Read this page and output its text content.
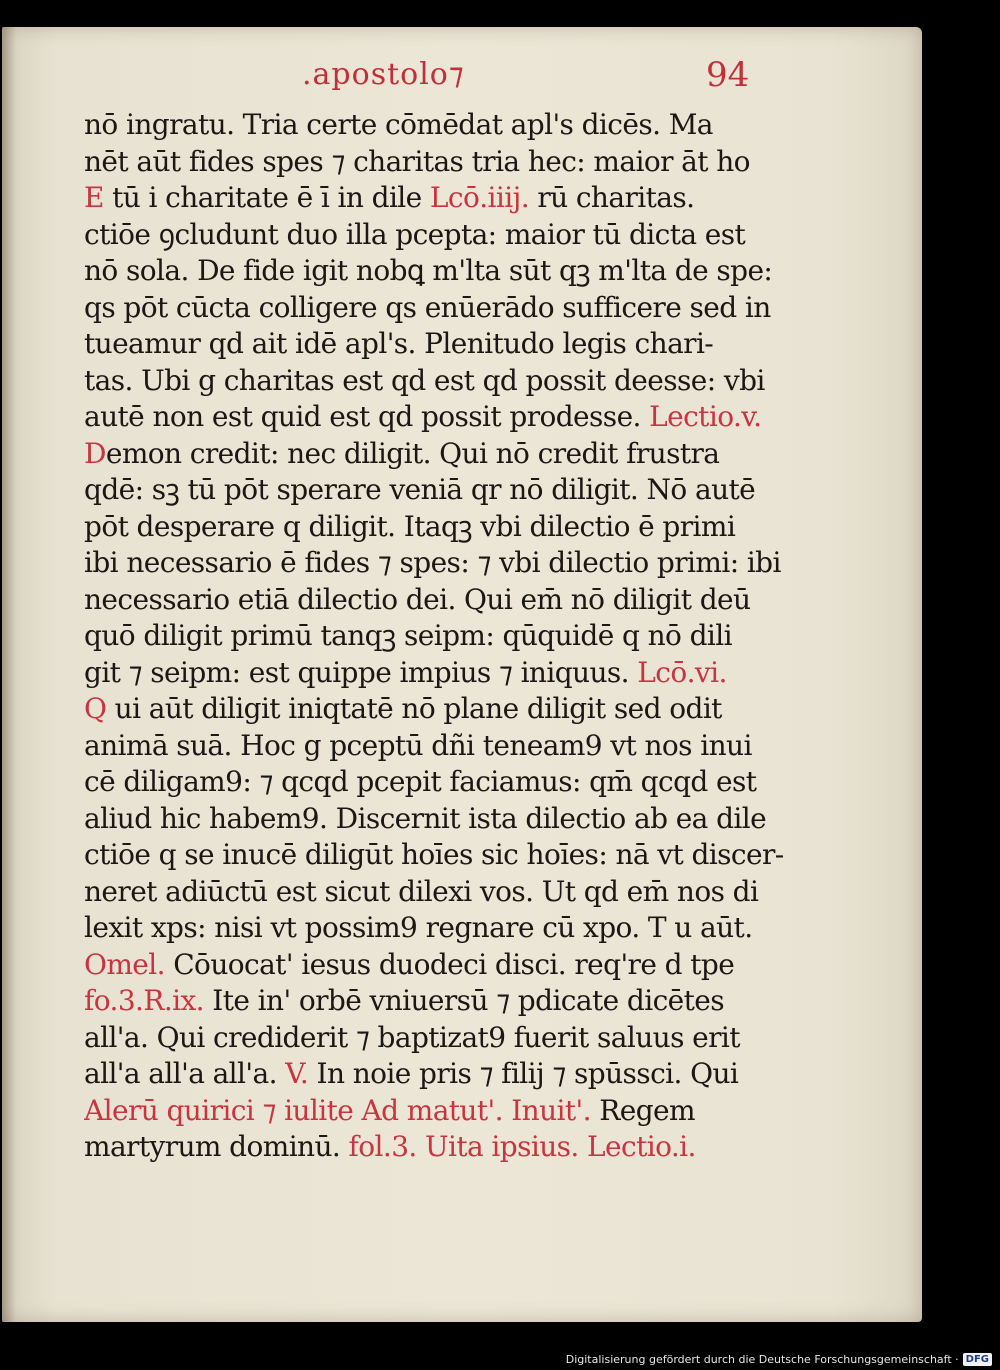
.apostolo⁊	94
nō ingratu. Tria certe cōmēdat apl's dicēs. Ma
nēt aūt fides spes ⁊ charitas tria hec: maior āt ho
E tū i charitate ē ī in dile Lcō.iiij. rū charitas.
ctiōe ꝯcludunt duo illa pcepta: maior tū dicta est
nō sola. De fide igit nobꝗ m'lta sūt qꝫ m'lta de spe:
qs pōt cūcta colligere qs enūerādo sufficere sed in
tueamur qd ait idē apl's. Plenitudo legis chari-
tas. Ubi g charitas est qd est qd possit deesse: vbi
autē non est quid est qd possit prodesse. Lectio.v.
Demon credit: nec diligit. Qui nō credit frustra
qdē: sꝫ tū pōt sperare veniā qr nō diligit. Nō autē
pōt desperare q diligit. Itaqꝫ vbi dilectio ē primi
ibi necessario ē fides ⁊ spes: ⁊ vbi dilectio primi: ibi
necessario etiā dilectio dei. Qui em̄ nō diligit deū
quō diligit primū tanqꝫ seipm: qūquidē q nō dili
git ⁊ seipm: est quippe impius ⁊ iniquus. Lcō.vi.
Q ui aūt diligit iniqtatē nō plane diligit sed odit
animā suā. Hoc g pceptū dñi teneam9 vt nos inui
cē diligam9: ⁊ qcqd pcepit faciamus: qm̄ qcqd est
aliud hic habem9. Discernit ista dilectio ab ea dile
ctiōe q se inucē diligūt hoīes sic hoīes: nā vt discer-
neret adiūctū est sicut dilexi vos. Ut qd em̄ nos di
lexit xps: nisi vt possim9 regnare cū xpo. T u aūt.
Omel. Cōuocat' iesus duodeci disci. req're d tpe
fo.3.R.ix. Ite in' orbē vniuersū ⁊ pdicate dicētes
all'a. Qui crediderit ⁊ baptizat9 fuerit saluus erit
all'a all'a all'a. V. In noie pris ⁊ filij ⁊ spūssci. Qui
Alerū quirici ⁊ iulite Ad matut'. Inuit'. Regem
martyrum dominū. fol.3. Uita ipsius. Lectio.i.
Digitalisierung gefördert durch die Deutsche Forschungsgemeinschaft · DFG
